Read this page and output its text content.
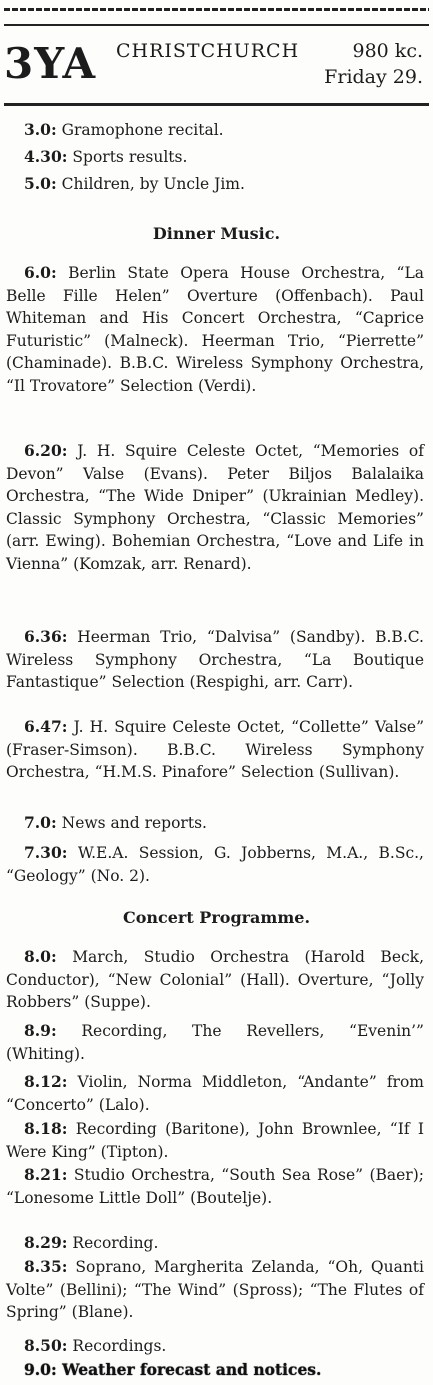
3YA CHRISTCHURCH	980 kc.
Friday 29.
3.0: Gramophone recital.
4.30: Sports results.
5.0: Children, by Uncle Jim.
Dinner Music.
6.0: Berlin State Opera House Orchestra, “La Belle Fille Helen” Overture (Offenbach). Paul Whiteman and His Concert Orchestra, “Caprice Futuristic” (Malneck). Heerman Trio, “Pierrette” (Chaminade). B.B.C. Wireless Symphony Orchestra, “Il Trovatore” Selection (Verdi).
6.20: J. H. Squire Celeste Octet, “Memories of Devon” Valse (Evans). Peter Biljos Balalaika Orchestra, “The Wide Dniper” (Ukrainian Medley). Classic Symphony Orchestra, “Classic Memories” (arr. Ewing). Bohemian Orchestra, “Love and Life in Vienna” (Komzak, arr. Renard).
6.36: Heerman Trio, “Dalvisa” (Sandby). B.B.C. Wireless Symphony Orchestra, “La Boutique Fantastique” Selection (Respighi, arr. Carr).
6.47: J. H. Squire Celeste Octet, “Collette” Valse” (Fraser-Simson). B.B.C. Wireless Symphony Orchestra, “H.M.S. Pinafore” Selection (Sullivan).
7.0: News and reports.
7.30: W.E.A. Session, G. Jobberns, M.A., B.Sc., “Geology” (No. 2).
Concert Programme.
8.0: March, Studio Orchestra (Harold Beck, Conductor), “New Colonial” (Hall). Overture, “Jolly Robbers” (Suppe).
8.9: Recording, The Revellers, “Evenin’” (Whiting).
8.12: Violin, Norma Middleton, “Andante” from “Concerto” (Lalo).
8.18: Recording (Baritone), John Brownlee, “If I Were King” (Tipton).
8.21: Studio Orchestra, “South Sea Rose” (Baer); “Lonesome Little Doll” (Boutelje).
8.29: Recording.
8.35: Soprano, Margherita Zelanda, “Oh, Quanti Volte” (Bellini); “The Wind” (Spross); “The Flutes of Spring” (Blane).
8.50: Recordings.
9.0: Weather forecast and notices.
